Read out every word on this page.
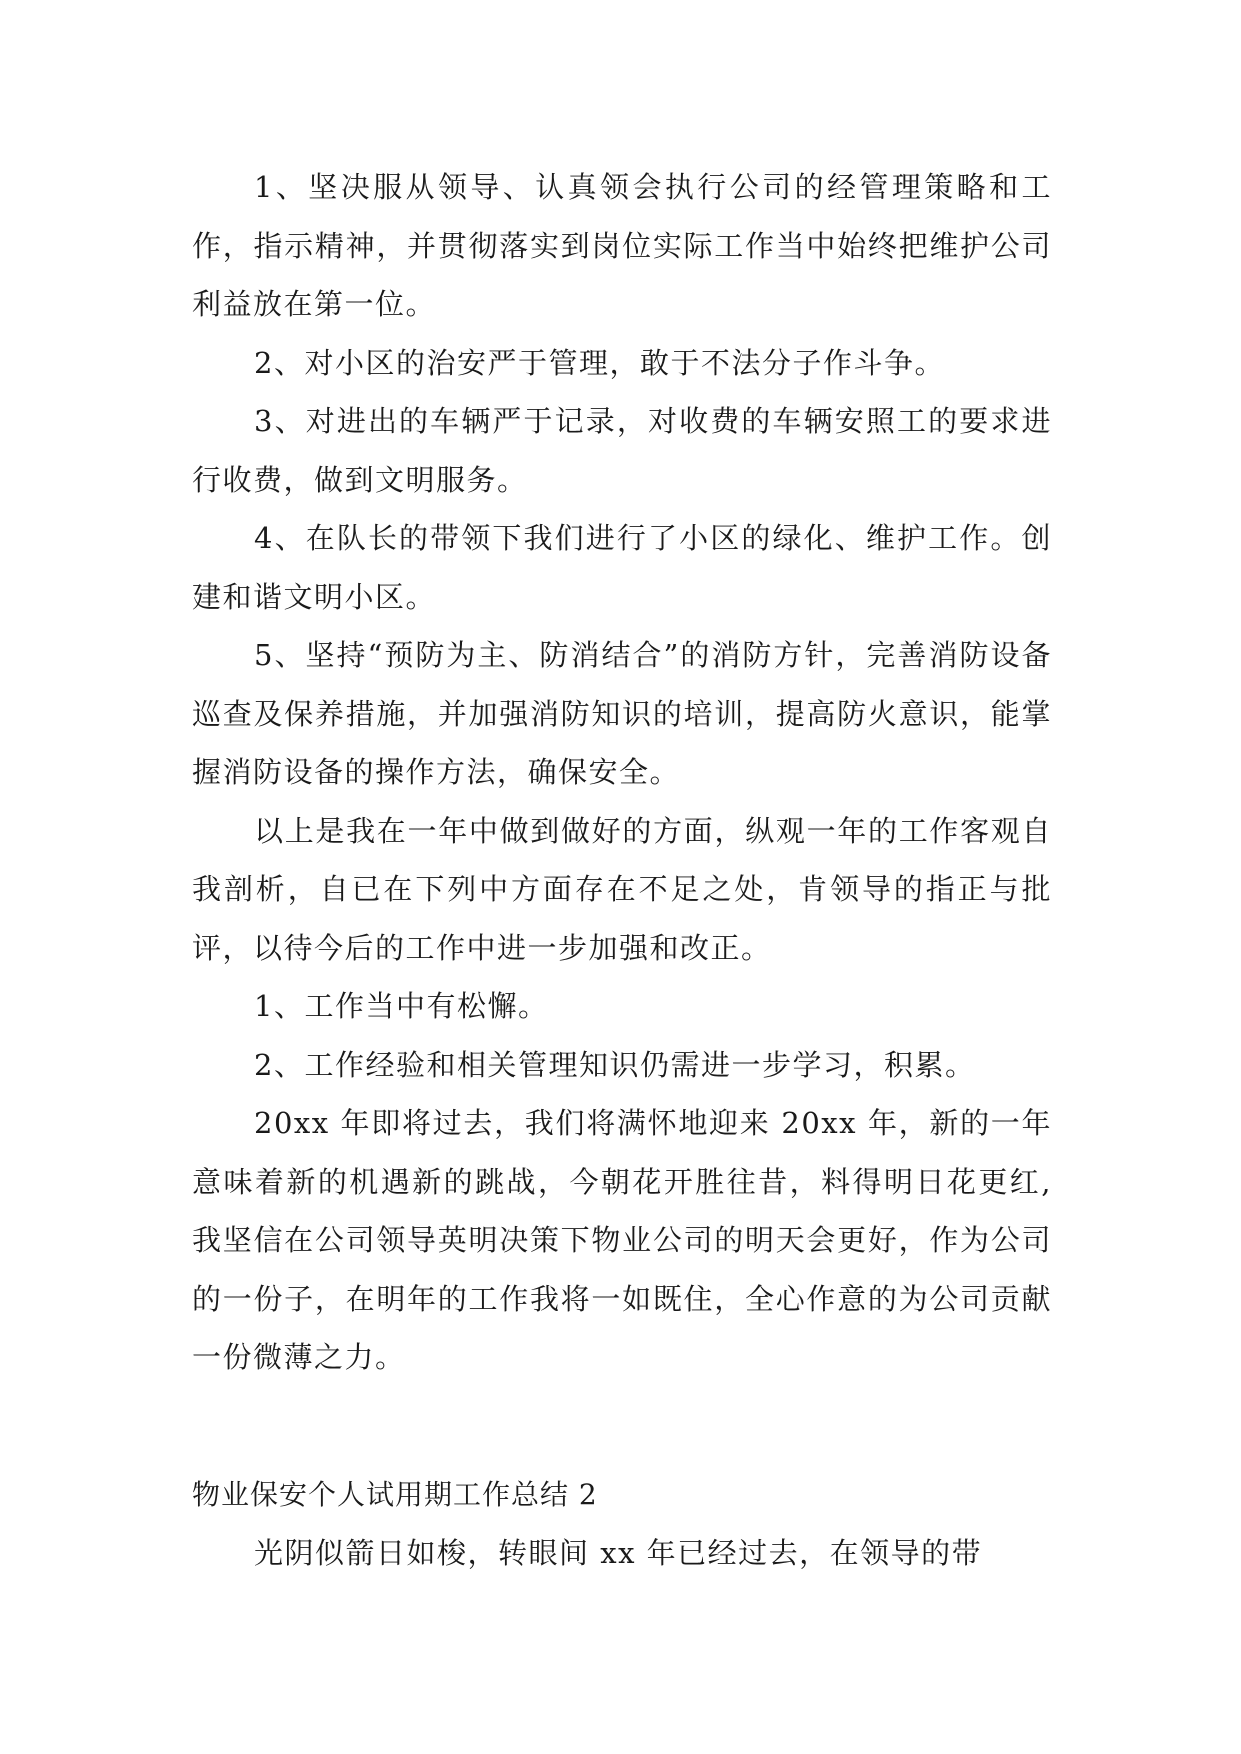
1、坚决服从领导、认真领会执行公司的经管理策略和工作，指示精神，并贯彻落实到岗位实际工作当中始终把维护公司利益放在第一位。

2、对小区的治安严于管理，敢于不法分子作斗争。

3、对进出的车辆严于记录，对收费的车辆安照工的要求进行收费，做到文明服务。

4、在队长的带领下我们进行了小区的绿化、维护工作。创建和谐文明小区。

5、坚持“预防为主、防消结合”的消防方针，完善消防设备巡查及保养措施，并加强消防知识的培训，提高防火意识，能掌握消防设备的操作方法，确保安全。

以上是我在一年中做到做好的方面，纵观一年的工作客观自我剖析，自已在下列中方面存在不足之处，肯领导的指正与批评，以待今后的工作中进一步加强和改正。

1、工作当中有松懈。

2、工作经验和相关管理知识仍需进一步学习，积累。

20xx 年即将过去，我们将满怀地迎来 20xx 年，新的一年意味着新的机遇新的跳战，今朝花开胜往昔，料得明日花更红,我坚信在公司领导英明决策下物业公司的明天会更好，作为公司的一份子，在明年的工作我将一如既住，全心作意的为公司贡献一份微薄之力。

物业保安个人试用期工作总结 2

光阴似箭日如梭，转眼间 xx 年已经过去，在领导的带
